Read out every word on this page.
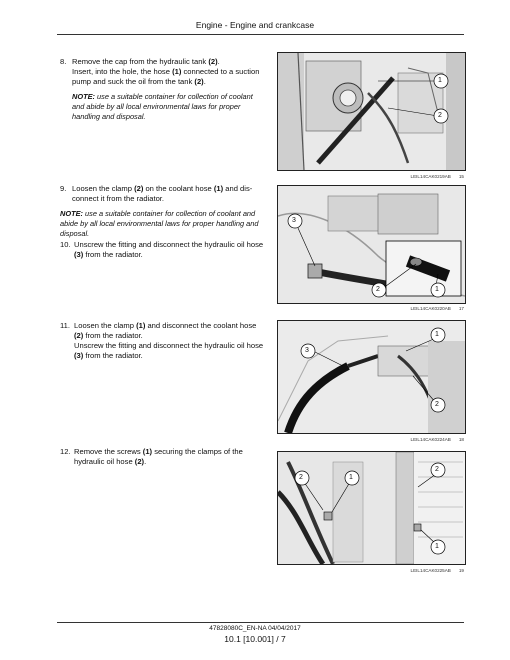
Engine - Engine and crankcase
8. Remove the cap from the hydraulic tank (2).

Insert, into the hole, the hose (1) connected to a suction pump and suck the oil from the tank (2).

NOTE: use a suitable container for collection of coolant and abide by all local environmental laws for proper handling and disposal.

9. Loosen the clamp (2) on the coolant hose (1) and dis-connect it from the radiator.

NOTE: use a suitable container for collection of coolant and abide by all local environmental laws for proper handling and disposal.

10. Unscrew the fitting and disconnect the hydraulic oil hose (3) from the radiator.

11. Loosen the clamp (1) and disconnect the coolant hose (2) from the radiator.

Unscrew the fitting and disconnect the hydraulic oil hose (3) from the radiator.

12. Remove the screws (1) securing the clamps of the hydraulic oil hose (2).

1
2
LEIL14CAK0219AB 15
3
2	1
LEIL14CAK0220AB 17
3
1
2
LEIL14CAK0224AB 18
2	1
2
1
LEIL14CAK0225AB 19
47828080C_EN-NA 04/04/2017
10.1 [10.001] / 7
